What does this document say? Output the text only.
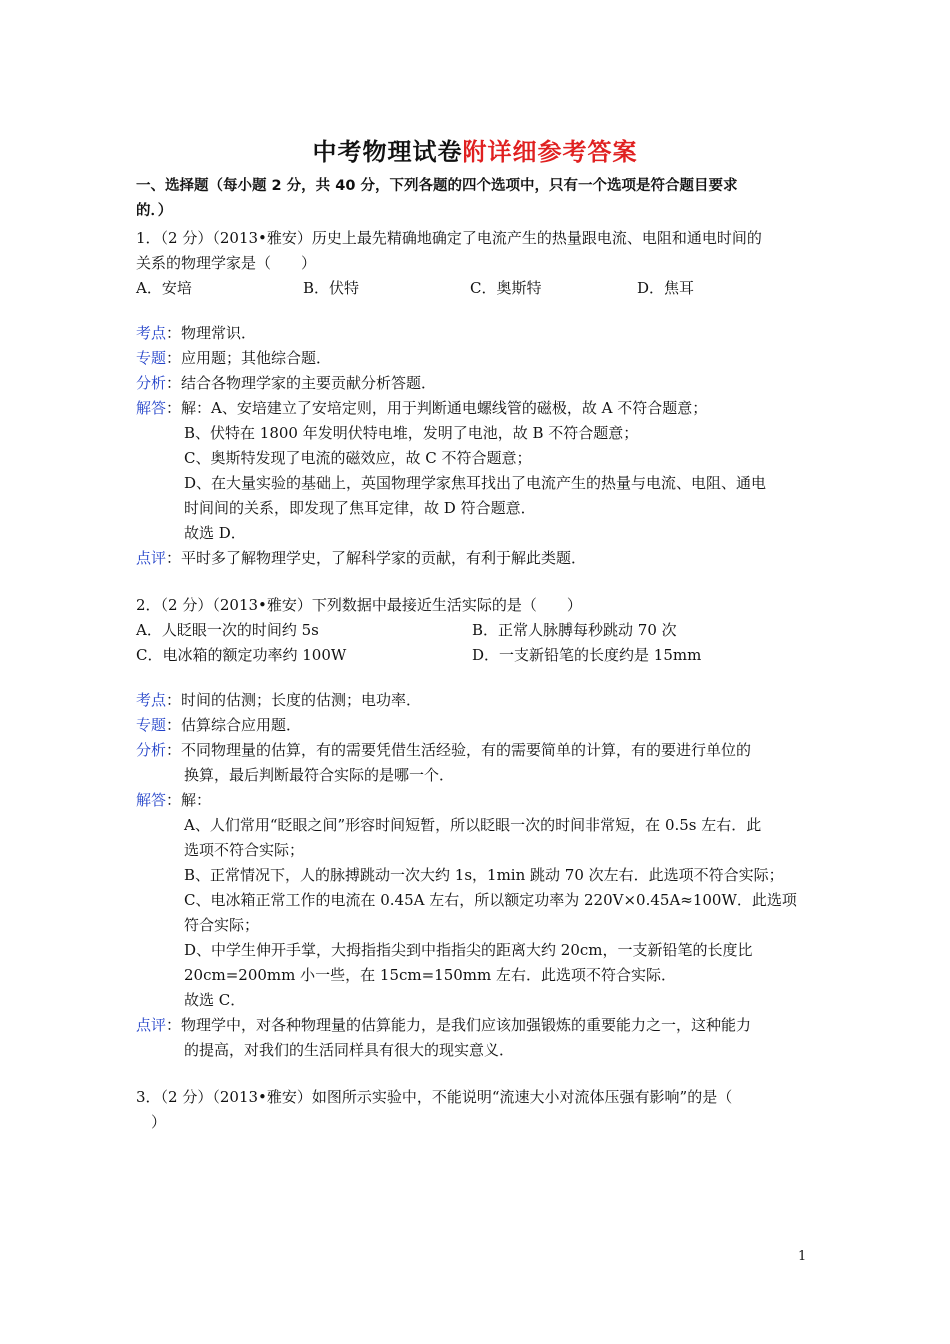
中考物理试卷附详细参考答案
一、选择题（每小题 2 分，共 40 分，下列各题的四个选项中，只有一个选项是符合题目要求
的．）
1．（2 分）（2013•雅安）历史上最先精确地确定了电流产生的热量跟电流、电阻和通电时间的
关系的物理学家是（　　）
A．安培	B．伏特	C．奥斯特	D．焦耳
考点： 物理常识．
专题： 应用题；其他综合题．
分析： 结合各物理学家的主要贡献分析答题．
解答： 解：A、安培建立了安培定则，用于判断通电螺线管的磁极，故 A 不符合题意；
B、伏特在 1800 年发明伏特电堆，发明了电池，故 B 不符合题意；
C、奥斯特发现了电流的磁效应，故 C 不符合题意；
D、在大量实验的基础上，英国物理学家焦耳找出了电流产生的热量与电流、电阻、通电
时间间的关系，即发现了焦耳定律，故 D 符合题意．
故选 D．
点评： 平时多了解物理学史，了解科学家的贡献，有利于解此类题．
2．（2 分）（2013•雅安）下列数据中最接近生活实际的是（　　）
A．人眨眼一次的时间约 5s	B．正常人脉膊每秒跳动 70 次
C．电冰箱的额定功率约 100W	D．一支新铅笔的长度约是 15mm
考点： 时间的估测；长度的估测；电功率．
专题： 估算综合应用题．
分析： 不同物理量的估算，有的需要凭借生活经验，有的需要简单的计算，有的要进行单位的
换算，最后判断最符合实际的是哪一个．
解答： 解：
A、人们常用“眨眼之间”形容时间短暂，所以眨眼一次的时间非常短，在 0.5s 左右．此
选项不符合实际；
B、正常情况下，人的脉搏跳动一次大约 1s，1min 跳动 70 次左右．此选项不符合实际；
C、电冰箱正常工作的电流在 0.45A 左右，所以额定功率为 220V×0.45A≈100W．此选项
符合实际；
D、中学生伸开手掌，大拇指指尖到中指指尖的距离大约 20cm，一支新铅笔的长度比
20cm=200mm 小一些，在 15cm=150mm 左右．此选项不符合实际．
故选 C．
点评： 物理学中，对各种物理量的估算能力，是我们应该加强锻炼的重要能力之一，这种能力
的提高，对我们的生活同样具有很大的现实意义．
3．（2 分）（2013•雅安）如图所示实验中，不能说明“流速大小对流体压强有影响”的是（
　）
1
